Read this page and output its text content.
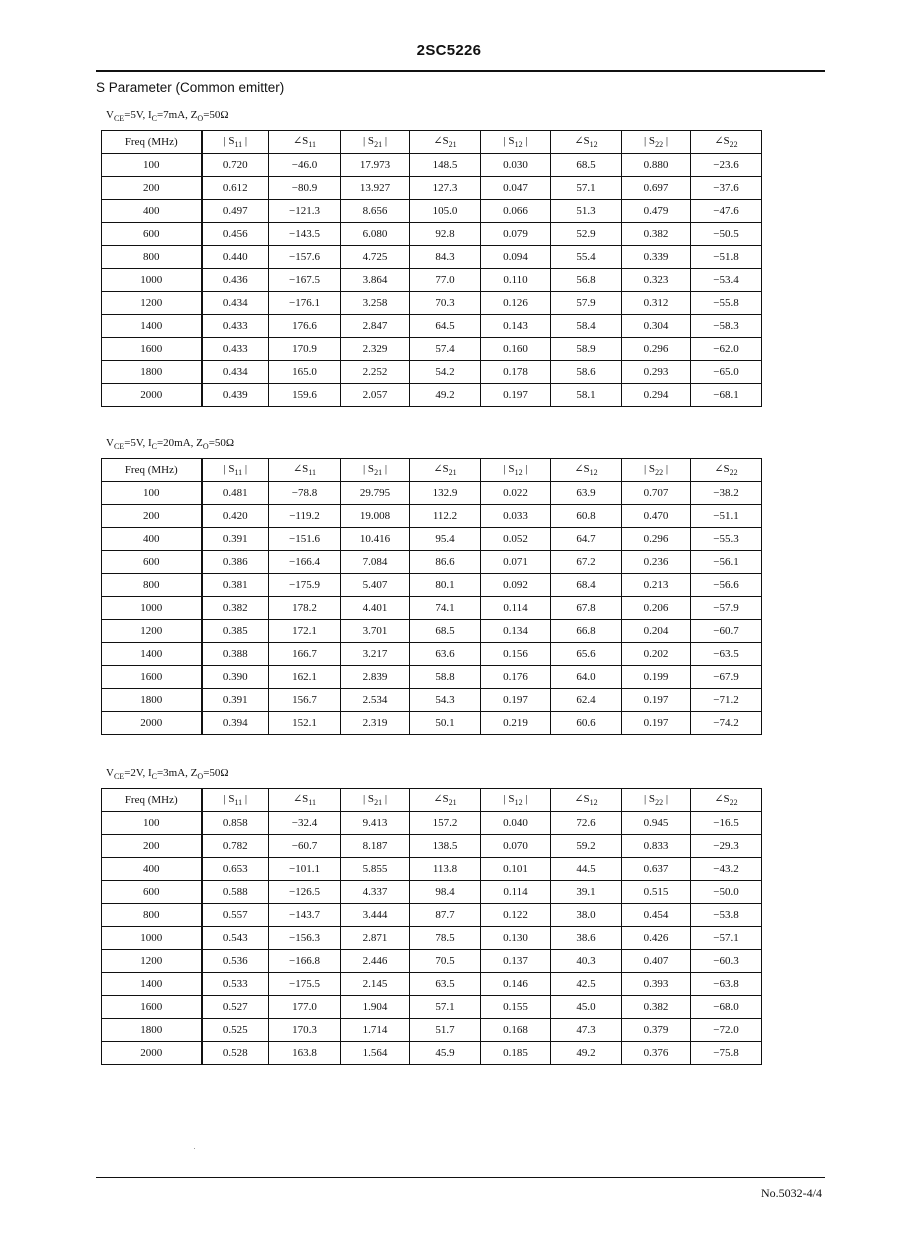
2SC5226
S Parameter (Common emitter)
$V_{CE}=5V$, $I_C=7mA$, $Z_O=50\Omega$
Freq (MHz)	| $S_{11}$ |	$\angle S_{11}$	| $S_{21}$ |	$\angle S_{21}$	| $S_{12}$ |	$\angle S_{12}$	| $S_{22}$ |	$\angle S_{22}$
100	0.720	−46.0	17.973	148.5	0.030	68.5	0.880	−23.6
200	0.612	−80.9	13.927	127.3	0.047	57.1	0.697	−37.6
400	0.497	−121.3	8.656	105.0	0.066	51.3	0.479	−47.6
600	0.456	−143.5	6.080	92.8	0.079	52.9	0.382	−50.5
800	0.440	−157.6	4.725	84.3	0.094	55.4	0.339	−51.8
1000	0.436	−167.5	3.864	77.0	0.110	56.8	0.323	−53.4
1200	0.434	−176.1	3.258	70.3	0.126	57.9	0.312	−55.8
1400	0.433	176.6	2.847	64.5	0.143	58.4	0.304	−58.3
1600	0.433	170.9	2.329	57.4	0.160	58.9	0.296	−62.0
1800	0.434	165.0	2.252	54.2	0.178	58.6	0.293	−65.0
2000	0.439	159.6	2.057	49.2	0.197	58.1	0.294	−68.1
$V_{CE}=5V$, $I_C=20mA$, $Z_O=50\Omega$
Freq (MHz)	| $S_{11}$ |	$\angle S_{11}$	| $S_{21}$ |	$\angle S_{21}$	| $S_{12}$ |	$\angle S_{12}$	| $S_{22}$ |	$\angle S_{22}$
100	0.481	−78.8	29.795	132.9	0.022	63.9	0.707	−38.2
200	0.420	−119.2	19.008	112.2	0.033	60.8	0.470	−51.1
400	0.391	−151.6	10.416	95.4	0.052	64.7	0.296	−55.3
600	0.386	−166.4	7.084	86.6	0.071	67.2	0.236	−56.1
800	0.381	−175.9	5.407	80.1	0.092	68.4	0.213	−56.6
1000	0.382	178.2	4.401	74.1	0.114	67.8	0.206	−57.9
1200	0.385	172.1	3.701	68.5	0.134	66.8	0.204	−60.7
1400	0.388	166.7	3.217	63.6	0.156	65.6	0.202	−63.5
1600	0.390	162.1	2.839	58.8	0.176	64.0	0.199	−67.9
1800	0.391	156.7	2.534	54.3	0.197	62.4	0.197	−71.2
2000	0.394	152.1	2.319	50.1	0.219	60.6	0.197	−74.2
$V_{CE}=2V$, $I_C=3mA$, $Z_O=50\Omega$
Freq (MHz)	| $S_{11}$ |	$\angle S_{11}$	| $S_{21}$ |	$\angle S_{21}$	| $S_{12}$ |	$\angle S_{12}$	| $S_{22}$ |	$\angle S_{22}$
100	0.858	−32.4	9.413	157.2	0.040	72.6	0.945	−16.5
200	0.782	−60.7	8.187	138.5	0.070	59.2	0.833	−29.3
400	0.653	−101.1	5.855	113.8	0.101	44.5	0.637	−43.2
600	0.588	−126.5	4.337	98.4	0.114	39.1	0.515	−50.0
800	0.557	−143.7	3.444	87.7	0.122	38.0	0.454	−53.8
1000	0.543	−156.3	2.871	78.5	0.130	38.6	0.426	−57.1
1200	0.536	−166.8	2.446	70.5	0.137	40.3	0.407	−60.3
1400	0.533	−175.5	2.145	63.5	0.146	42.5	0.393	−63.8
1600	0.527	177.0	1.904	57.1	0.155	45.0	0.382	−68.0
1800	0.525	170.3	1.714	51.7	0.168	47.3	0.379	−72.0
2000	0.528	163.8	1.564	45.9	0.185	49.2	0.376	−75.8
No.5032-4/4
